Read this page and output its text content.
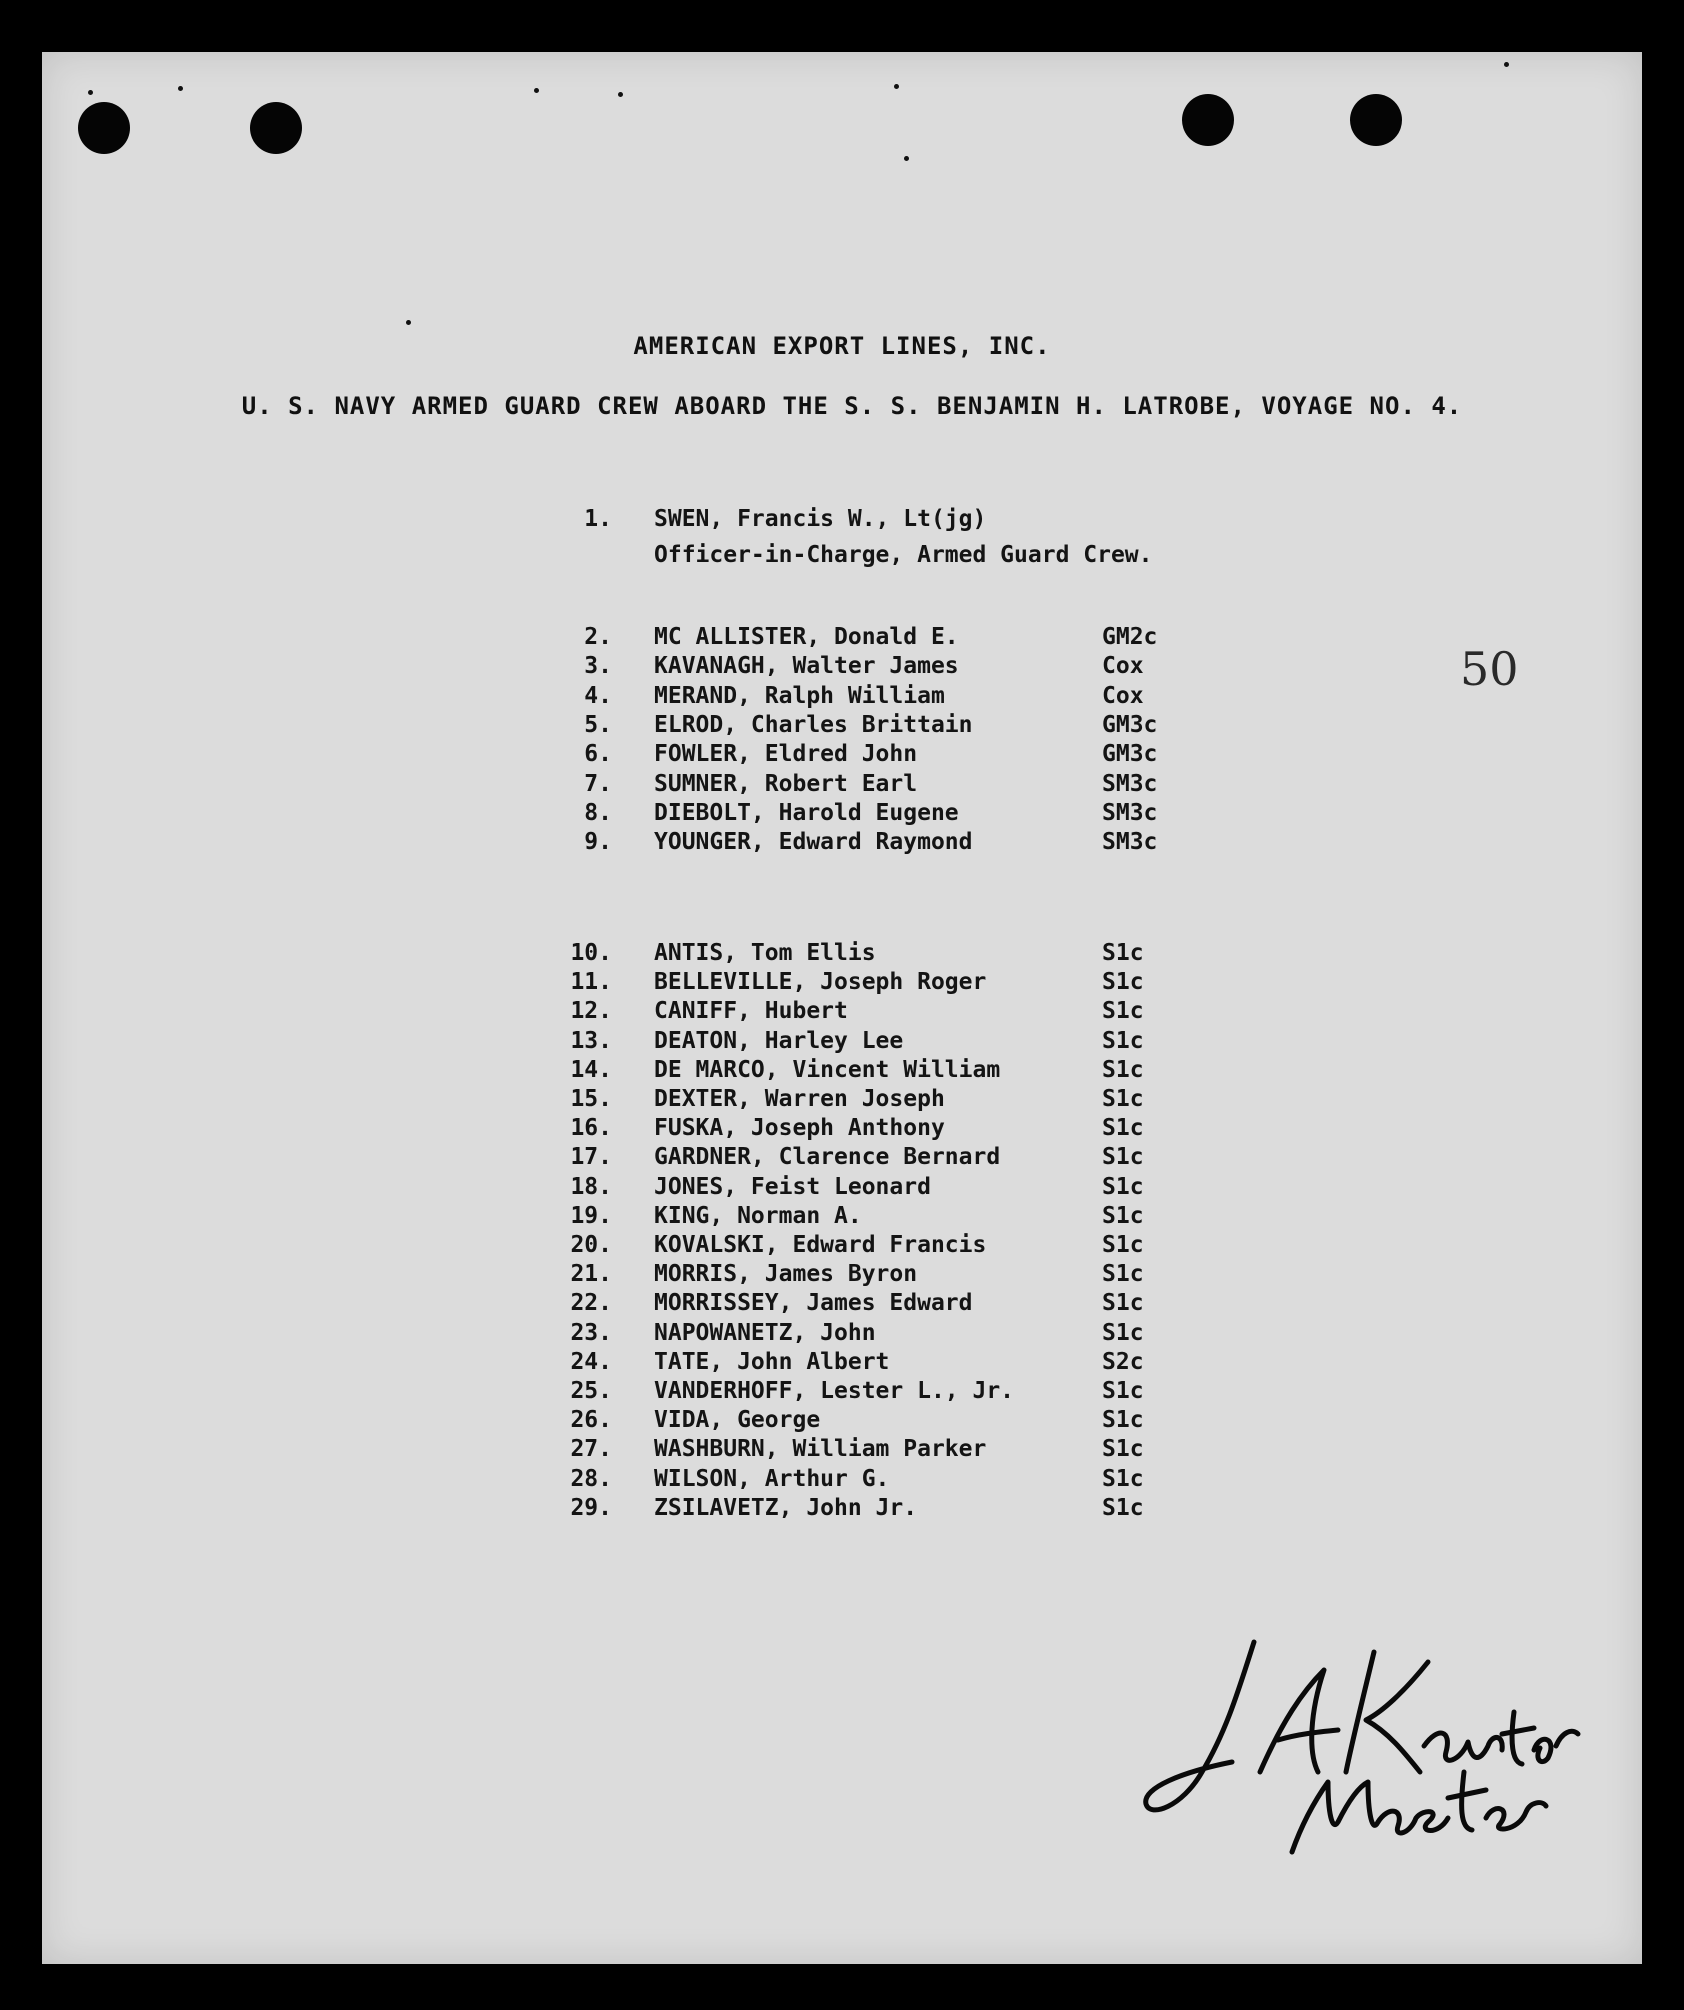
AMERICAN EXPORT LINES, INC.
U. S. NAVY ARMED GUARD CREW ABOARD THE S. S. BENJAMIN H. LATROBE, VOYAGE NO. 4.
50
1. SWEN, Francis W., Lt(jg)
Officer-in-Charge, Armed Guard Crew.
2. MC ALLISTER, Donald E.	GM2c
3. KAVANAGH, Walter James	Cox
4. MERAND, Ralph William	Cox
5. ELROD, Charles Brittain	GM3c
6. FOWLER, Eldred John	GM3c
7. SUMNER, Robert Earl	SM3c
8. DIEBOLT, Harold Eugene	SM3c
9. YOUNGER, Edward Raymond	SM3c
10. ANTIS, Tom Ellis	S1c
11. BELLEVILLE, Joseph Roger	S1c
12. CANIFF, Hubert	S1c
13. DEATON, Harley Lee	S1c
14. DE MARCO, Vincent William	S1c
15. DEXTER, Warren Joseph	S1c
16. FUSKA, Joseph Anthony	S1c
17. GARDNER, Clarence Bernard	S1c
18. JONES, Feist Leonard	S1c
19. KING, Norman A.	S1c
20. KOVALSKI, Edward Francis	S1c
21. MORRIS, James Byron	S1c
22. MORRISSEY, James Edward	S1c
23. NAPOWANETZ, John	S1c
24. TATE, John Albert	S2c
25. VANDERHOFF, Lester L., Jr.	S1c
26. VIDA, George	S1c
27. WASHBURN, William Parker	S1c
28. WILSON, Arthur G.	S1c
29. ZSILAVETZ, John Jr.	S1c
